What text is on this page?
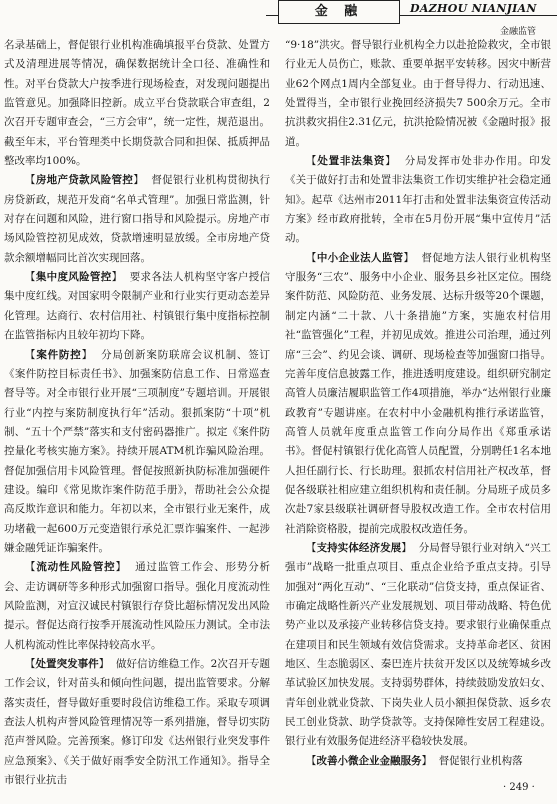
金 融	DAZHOU NIANJIAN
金融监管

名录基础上，督促银行业机构准确填报平台贷款、处置方式及清理进展等情况，确保数据统计全口径、准确性和性。对平台贷款大户按季进行现场检查，对发现问题提出监管意见。加强降旧控新。成立平台贷款联合审查组，2次召开专题审查会，“三方会审”，统一定性，规范退出。截至年末，平台管理类中长期贷款合同和担保、抵质押品整改率均100%。

【房地产贷款风险管控】 督促银行业机构贯彻执行房贷新政，规范开发商“名单式管理”。加强日常监测，针对存在问题和风险，进行窗口指导和风险提示。房地产市场风险管控初见成效，贷款增速明显放缓。全市房地产贷款余额增幅同比首次实现回落。

【集中度风险管控】 要求各法人机构坚守客户授信集中度红线。对国家明令限制产业和行业实行更动态差异化管理。达商行、农村信用社、村镇银行集中度指标控制在监管指标内且较年初均下降。

【案件防控】 分局创新案防联席会议机制、签订《案件防控目标责任书》、加强案防信息工作、日常巡查督导等。对全市银行业开展“三项制度”专题培训。开展银行业“内控与案防制度执行年”活动。狠抓案防“十项”机制、“五十个严禁”落实和支付密码器推广。拟定《案件防控量化考核实施方案》。持续开展ATM机诈骗风险治理。督促加强信用卡风险管理。督促按照新执防标准加强硬件建设。编印《常见欺诈案件防范手册》，帮助社会公众提高反欺诈意识和能力。年初以来，全市银行业无案件，成功堵截一起600万元变造银行承兑汇票诈骗案件、一起涉嫌金融凭证诈骗案件。

【流动性风险管控】 通过监管工作会、形势分析会、走访调研等多种形式加强窗口指导。强化月度流动性风险监测，对宣汉诚民村镇银行存贷比超标情况发出风险提示。督促达商行按季开展流动性风险压力测试。全市法人机构流动性比率保持较高水平。

【处置突发事件】 做好信访维稳工作。2次召开专题工作会议，针对苗头和倾向性问题，提出监管要求。分解落实责任，督导做好重要时段信访维稳工作。采取专项调查法人机构声誉风险管理情况等一系列措施，督导切实防范声誉风险。完善预案。修订印发《达州银行业突发事件应急预案》、《关于做好雨季安全防汛工作通知》。指导全市银行业抗击

“9·18”洪灾。督导银行业机构全力以赴抢险救灾，全市银行业无人员伤亡，账款、重要单据平安转移。因灾中断营业62个网点1周内全部复业。由于督导得力、行动迅速、处置得当，全市银行业挽回经济损失7 500余万元。全市抗洪救灾捐住2.31亿元，抗洪抢险情况被《金融时报》报道。

【处置非法集资】 分局发挥市处非办作用。印发《关于做好打击和处置非法集资工作切实维护社会稳定通知》。起草《达州市2011年打击和处置非法集资宣传活动方案》经市政府批转，全市在5月份开展“集中宣传月”活动。

【中小企业法人监管】 督促地方法人银行业机构坚守服务“三农”、服务中小企业、服务县乡社区定位。围绕案件防范、风险防范、业务发展、达标升级等20个课题，制定内涵“二十款、八十条措施”方案，实施农村信用社“监管强化”工程，并初见成效。推进公司治理，通过列席“三会”、约见会谈、调研、现场检查等加强窗口指导。完善年度信息披露工作，推进透明度建设。组织研究制定高管人员廉洁履职监管工作4项措施，举办“达州银行业廉政教育”专题讲座。在农村中小金融机构推行承诺监管，高管人员就年度重点监管工作向分局作出《郑重承诺书》。督促村镇银行优化高管人员配置，分别聘任1名本地人担任副行长、行长助理。狠抓农村信用社产权改革，督促各级联社相应建立组织机构和责任制。分局班子成员多次赴7家县级联社调研督导股权改造工作。全市农村信用社消除资格股，提前完成股权改造任务。

【支持实体经济发展】 分局督导银行业对纳入“兴工强市”战略一批重点项目、重点企业给予重点支持。引导加强对“两化互动”、“三化联动”信贷支持，重点保证省、市确定战略性新兴产业发展规划、项目带动战略、特色优势产业以及承接产业转移信贷支持。要求银行业确保重点在建项目和民生领域有效信贷需求。支持革命老区、贫困地区、生态脆弱区、秦巴连片扶贫开发区以及统筹城乡改革试验区加快发展。支持弱势群体，持续鼓励发放妇女、青年创业就业贷款、下岗失业人员小额担保贷款、返乡农民工创业贷款、助学贷款等。支持保障性安居工程建设。银行业有效服务促进经济平稳较快发展。

【改善小微企业金融服务】 督促银行业机构落

· 249 ·
